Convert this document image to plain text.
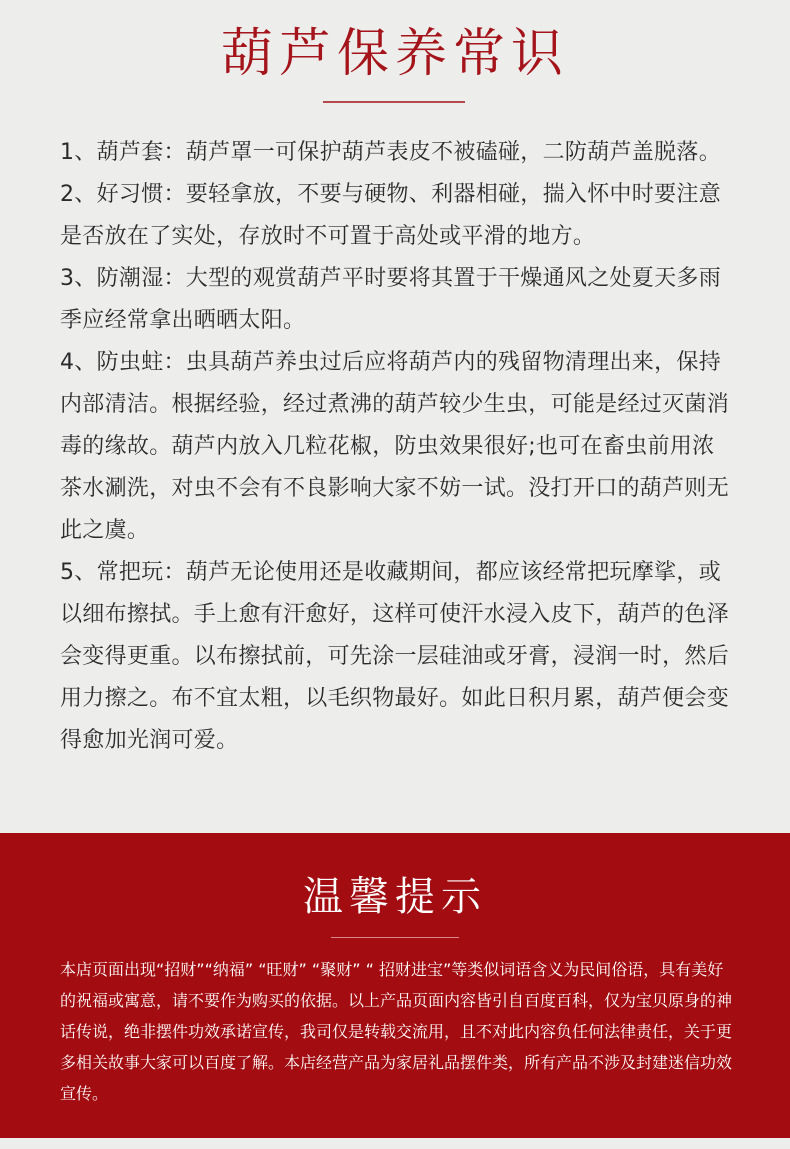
葫芦保养常识

1、葫芦套：葫芦罩一可保护葫芦表皮不被磕碰，二防葫芦盖脱落。

2、好习惯：要轻拿放，不要与硬物、利器相碰，揣入怀中时要注意是否放在了实处，存放时不可置于高处或平滑的地方。

3、防潮湿：大型的观赏葫芦平时要将其置于干燥通风之处夏天多雨季应经常拿出晒晒太阳。

4、防虫蛀：虫具葫芦养虫过后应将葫芦内的残留物清理出来，保持内部清洁。根据经验，经过煮沸的葫芦较少生虫，可能是经过灭菌消毒的缘故。葫芦内放入几粒花椒，防虫效果很好;也可在畜虫前用浓茶水涮洗，对虫不会有不良影响大家不妨一试。没打开口的葫芦则无此之虞。

5、常把玩：葫芦无论使用还是收藏期间，都应该经常把玩摩挲，或以细布擦拭。手上愈有汗愈好，这样可使汗水浸入皮下，葫芦的色泽会变得更重。以布擦拭前，可先涂一层硅油或牙膏，浸润一时，然后用力擦之。布不宜太粗，以毛织物最好。如此日积月累，葫芦便会变得愈加光润可爱。

温馨提示

本店页面出现“招财”“纳福” “旺财” “聚财” “ 招财进宝”等类似词语含义为民间俗语，具有美好的祝福或寓意，请不要作为购买的依据。以上产品页面内容皆引自百度百科，仅为宝贝原身的神话传说，绝非摆件功效承诺宣传，我司仅是转载交流用，且不对此内容负任何法律责任，关于更多相关故事大家可以百度了解。本店经营产品为家居礼品摆件类，所有产品不涉及封建迷信功效宣传。
